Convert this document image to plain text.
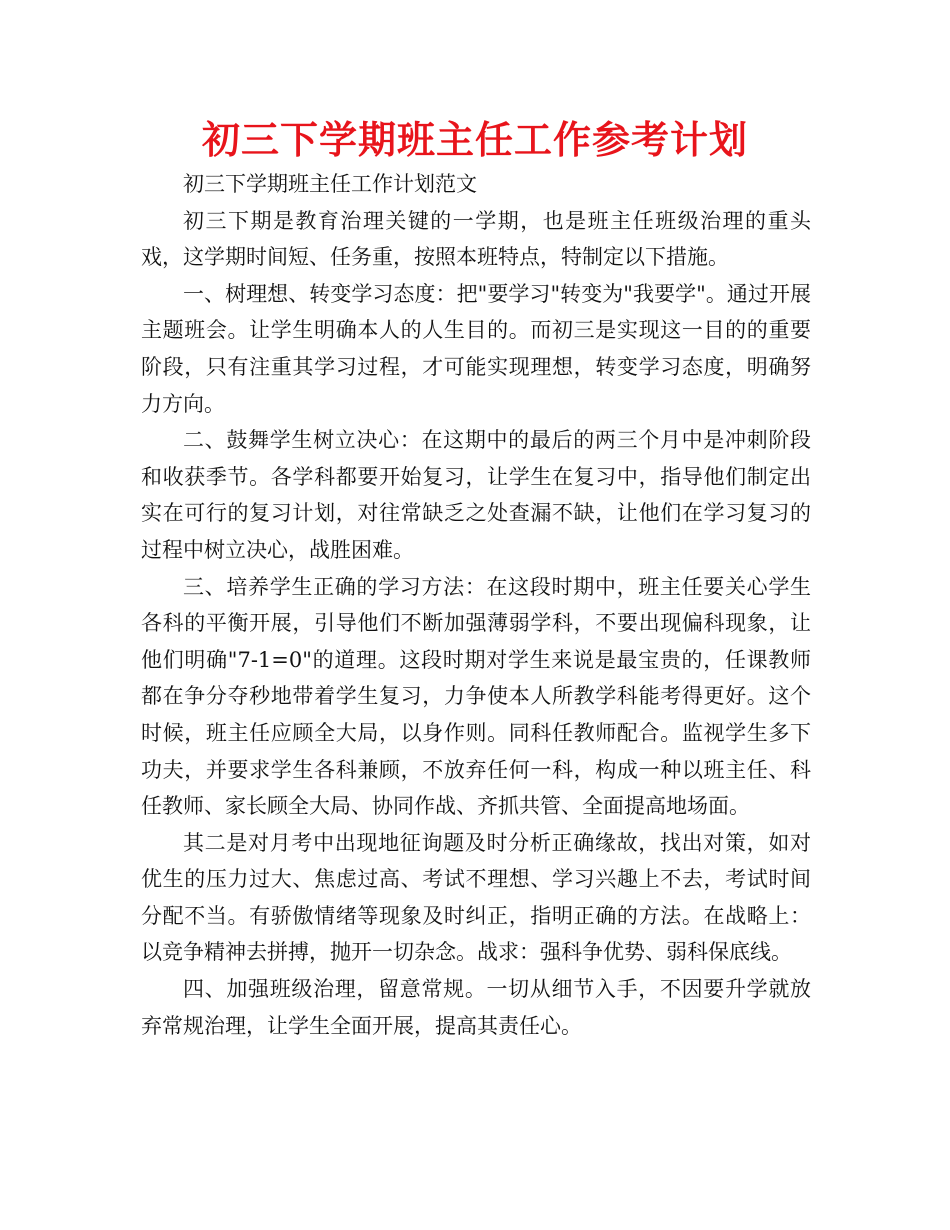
初三下学期班主任工作参考计划

初三下学期班主任工作计划范文

初三下期是教育治理关键的一学期，也是班主任班级治理的重头戏，这学期时间短、任务重，按照本班特点，特制定以下措施。

一、树理想、转变学习态度：把"要学习"转变为"我要学"。通过开展主题班会。让学生明确本人的人生目的。而初三是实现这一目的的重要阶段，只有注重其学习过程，才可能实现理想，转变学习态度，明确努力方向。

二、鼓舞学生树立决心：在这期中的最后的两三个月中是冲刺阶段和收获季节。各学科都要开始复习，让学生在复习中，指导他们制定出实在可行的复习计划，对往常缺乏之处查漏不缺，让他们在学习复习的过程中树立决心，战胜困难。

三、培养学生正确的学习方法：在这段时期中，班主任要关心学生各科的平衡开展，引导他们不断加强薄弱学科，不要出现偏科现象，让他们明确"7-1=0"的道理。这段时期对学生来说是最宝贵的，任课教师都在争分夺秒地带着学生复习，力争使本人所教学科能考得更好。这个时候，班主任应顾全大局，以身作则。同科任教师配合。监视学生多下功夫，并要求学生各科兼顾，不放弃任何一科，构成一种以班主任、科任教师、家长顾全大局、协同作战、齐抓共管、全面提高地场面。

其二是对月考中出现地征询题及时分析正确缘故，找出对策，如对优生的压力过大、焦虑过高、考试不理想、学习兴趣上不去，考试时间分配不当。有骄傲情绪等现象及时纠正，指明正确的方法。在战略上：以竞争精神去拼搏，抛开一切杂念。战求：强科争优势、弱科保底线。

四、加强班级治理，留意常规。一切从细节入手，不因要升学就放弃常规治理，让学生全面开展，提高其责任心。
